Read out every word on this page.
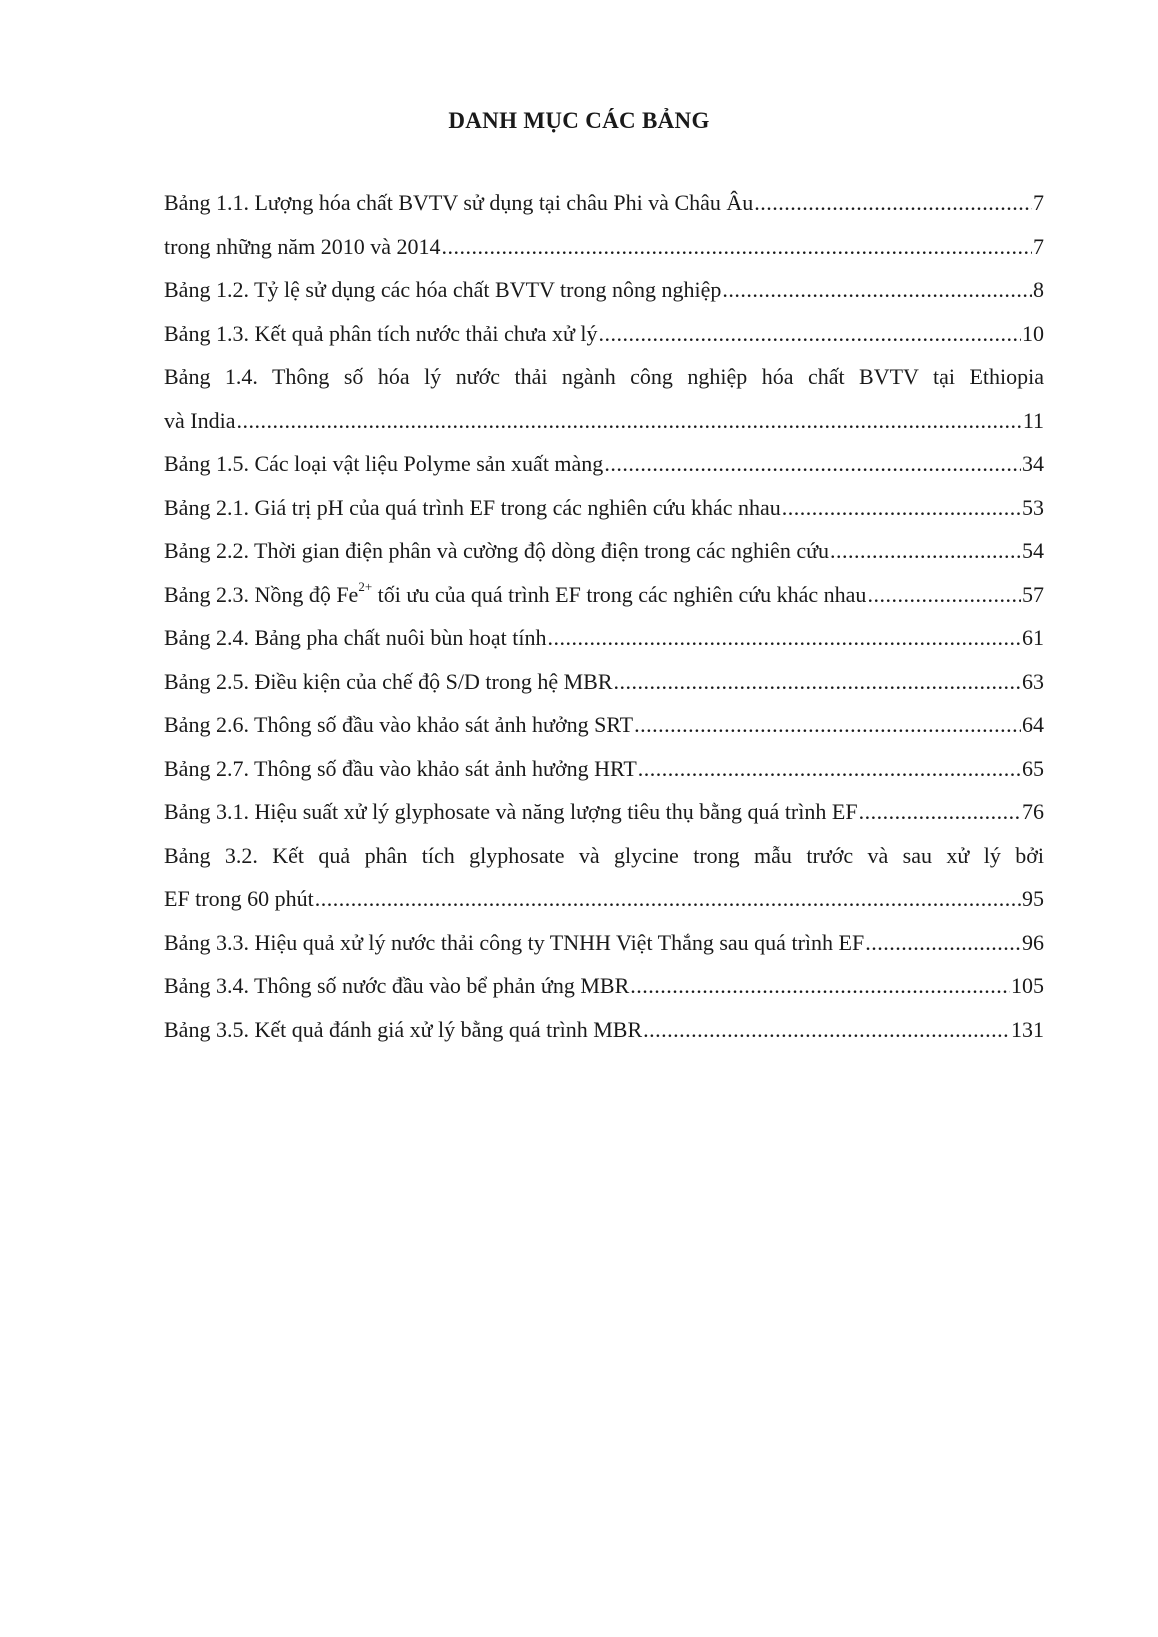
DANH MỤC CÁC BẢNG
Bảng 1.1. Lượng hóa chất BVTV sử dụng tại châu Phi và Châu Âu .....	7
trong những năm 2010 và 2014 .....	7
Bảng 1.2. Tỷ lệ sử dụng các hóa chất BVTV trong nông nghiệp .....	8
Bảng 1.3. Kết quả phân tích nước thải chưa xử lý .....	10
Bảng 1.4. Thông số hóa lý nước thải ngành công nghiệp hóa chất BVTV tại Ethiopia
và India .....	11
Bảng 1.5. Các loại vật liệu Polyme sản xuất màng .....	34
Bảng 2.1. Giá trị pH của quá trình EF trong các nghiên cứu khác nhau .....	53
Bảng 2.2. Thời gian điện phân và cường độ dòng điện trong các nghiên cứu .....	54
Bảng 2.3. Nồng độ $Fe^{2+}$ tối ưu của quá trình EF trong các nghiên cứu khác nhau .....	57
Bảng 2.4. Bảng pha chất nuôi bùn hoạt tính .....	61
Bảng 2.5. Điều kiện của chế độ S/D trong hệ MBR .....	63
Bảng 2.6. Thông số đầu vào khảo sát ảnh hưởng SRT .....	64
Bảng 2.7. Thông số đầu vào khảo sát ảnh hưởng HRT .....	65
Bảng 3.1. Hiệu suất xử lý glyphosate và năng lượng tiêu thụ bằng quá trình EF .....	76
Bảng 3.2. Kết quả phân tích glyphosate và glycine trong mẫu trước và sau xử lý bởi
EF trong 60 phút .....	95
Bảng 3.3. Hiệu quả xử lý nước thải công ty TNHH Việt Thắng sau quá trình EF .....	96
Bảng 3.4. Thông số nước đầu vào bể phản ứng MBR .....	105
Bảng 3.5. Kết quả đánh giá xử lý bằng quá trình MBR .....	131
